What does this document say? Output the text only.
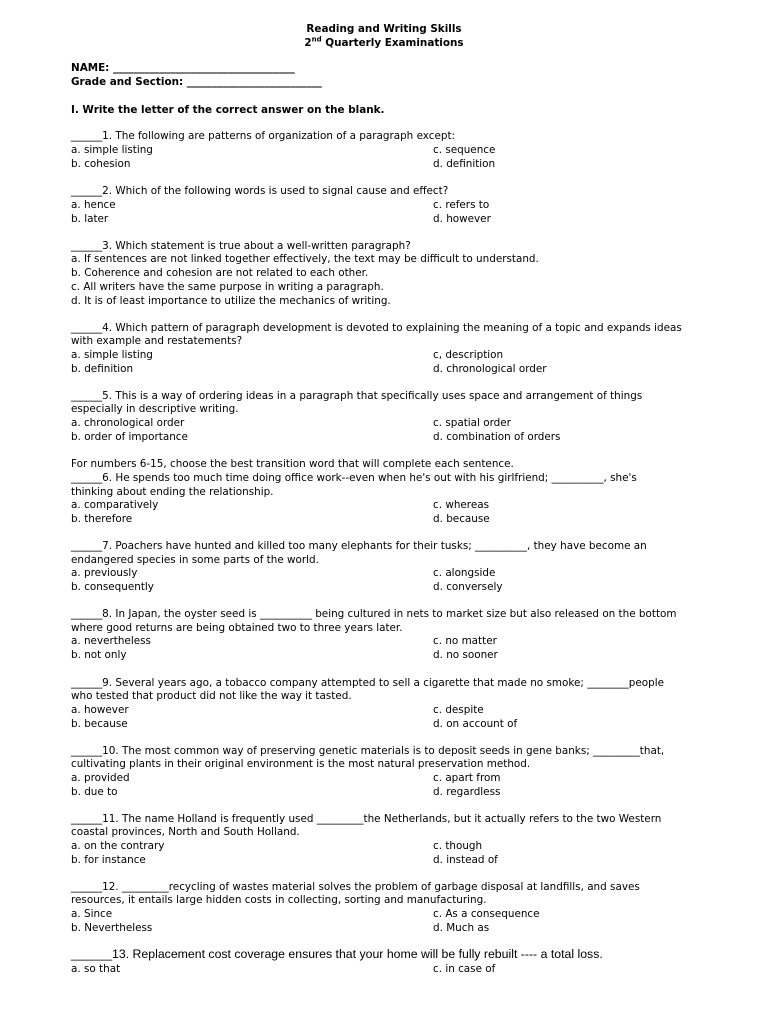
Reading and Writing Skills
2nd Quarterly Examinations
NAME: ___________________________________
Grade and Section: __________________________
I. Write the letter of the correct answer on the blank.
______1. The following are patterns of organization of a paragraph except:
a. simple listing	c. sequence
b. cohesion	d. definition
______2. Which of the following words is used to signal cause and effect?
a. hence	c. refers to
b. later	d. however
______3. Which statement is true about a well-written paragraph?
a. If sentences are not linked together effectively, the text may be difficult to understand.
b. Coherence and cohesion are not related to each other.
c. All writers have the same purpose in writing a paragraph.
d. It is of least importance to utilize the mechanics of writing.
______4. Which pattern of paragraph development is devoted to explaining the meaning of a topic and expands ideas
with example and restatements?
a. simple listing	c, description
b. definition	d. chronological order
______5. This is a way of ordering ideas in a paragraph that specifically uses space and arrangement of things
especially in descriptive writing.
a. chronological order	c. spatial order
b. order of importance	d. combination of orders
For numbers 6-15, choose the best transition word that will complete each sentence.
______6. He spends too much time doing office work--even when he's out with his girlfriend; __________, she's
thinking about ending the relationship.
a. comparatively	c. whereas
b. therefore	d. because
______7. Poachers have hunted and killed too many elephants for their tusks; __________, they have become an
endangered species in some parts of the world.
a. previously	c. alongside
b. consequently	d. conversely
______8. In Japan, the oyster seed is __________ being cultured in nets to market size but also released on the bottom
where good returns are being obtained two to three years later.
a. nevertheless	c. no matter
b. not only	d. no sooner
______9. Several years ago, a tobacco company attempted to sell a cigarette that made no smoke; ________people
who tested that product did not like the way it tasted.
a. however	c. despite
b. because	d. on account of
______10. The most common way of preserving genetic materials is to deposit seeds in gene banks; _________that,
cultivating plants in their original environment is the most natural preservation method.
a. provided	c. apart from
b. due to	d. regardless
______11. The name Holland is frequently used _________the Netherlands, but it actually refers to the two Western
coastal provinces, North and South Holland.
a. on the contrary	c. though
b. for instance	d. instead of
______12. _________recycling of wastes material solves the problem of garbage disposal at landfills, and saves
resources, it entails large hidden costs in collecting, sorting and manufacturing.
a. Since	c. As a consequence
b. Nevertheless	d. Much as
______13. Replacement cost coverage ensures that your home will be fully rebuilt ---- a total loss.
a. so that	c. in case of
